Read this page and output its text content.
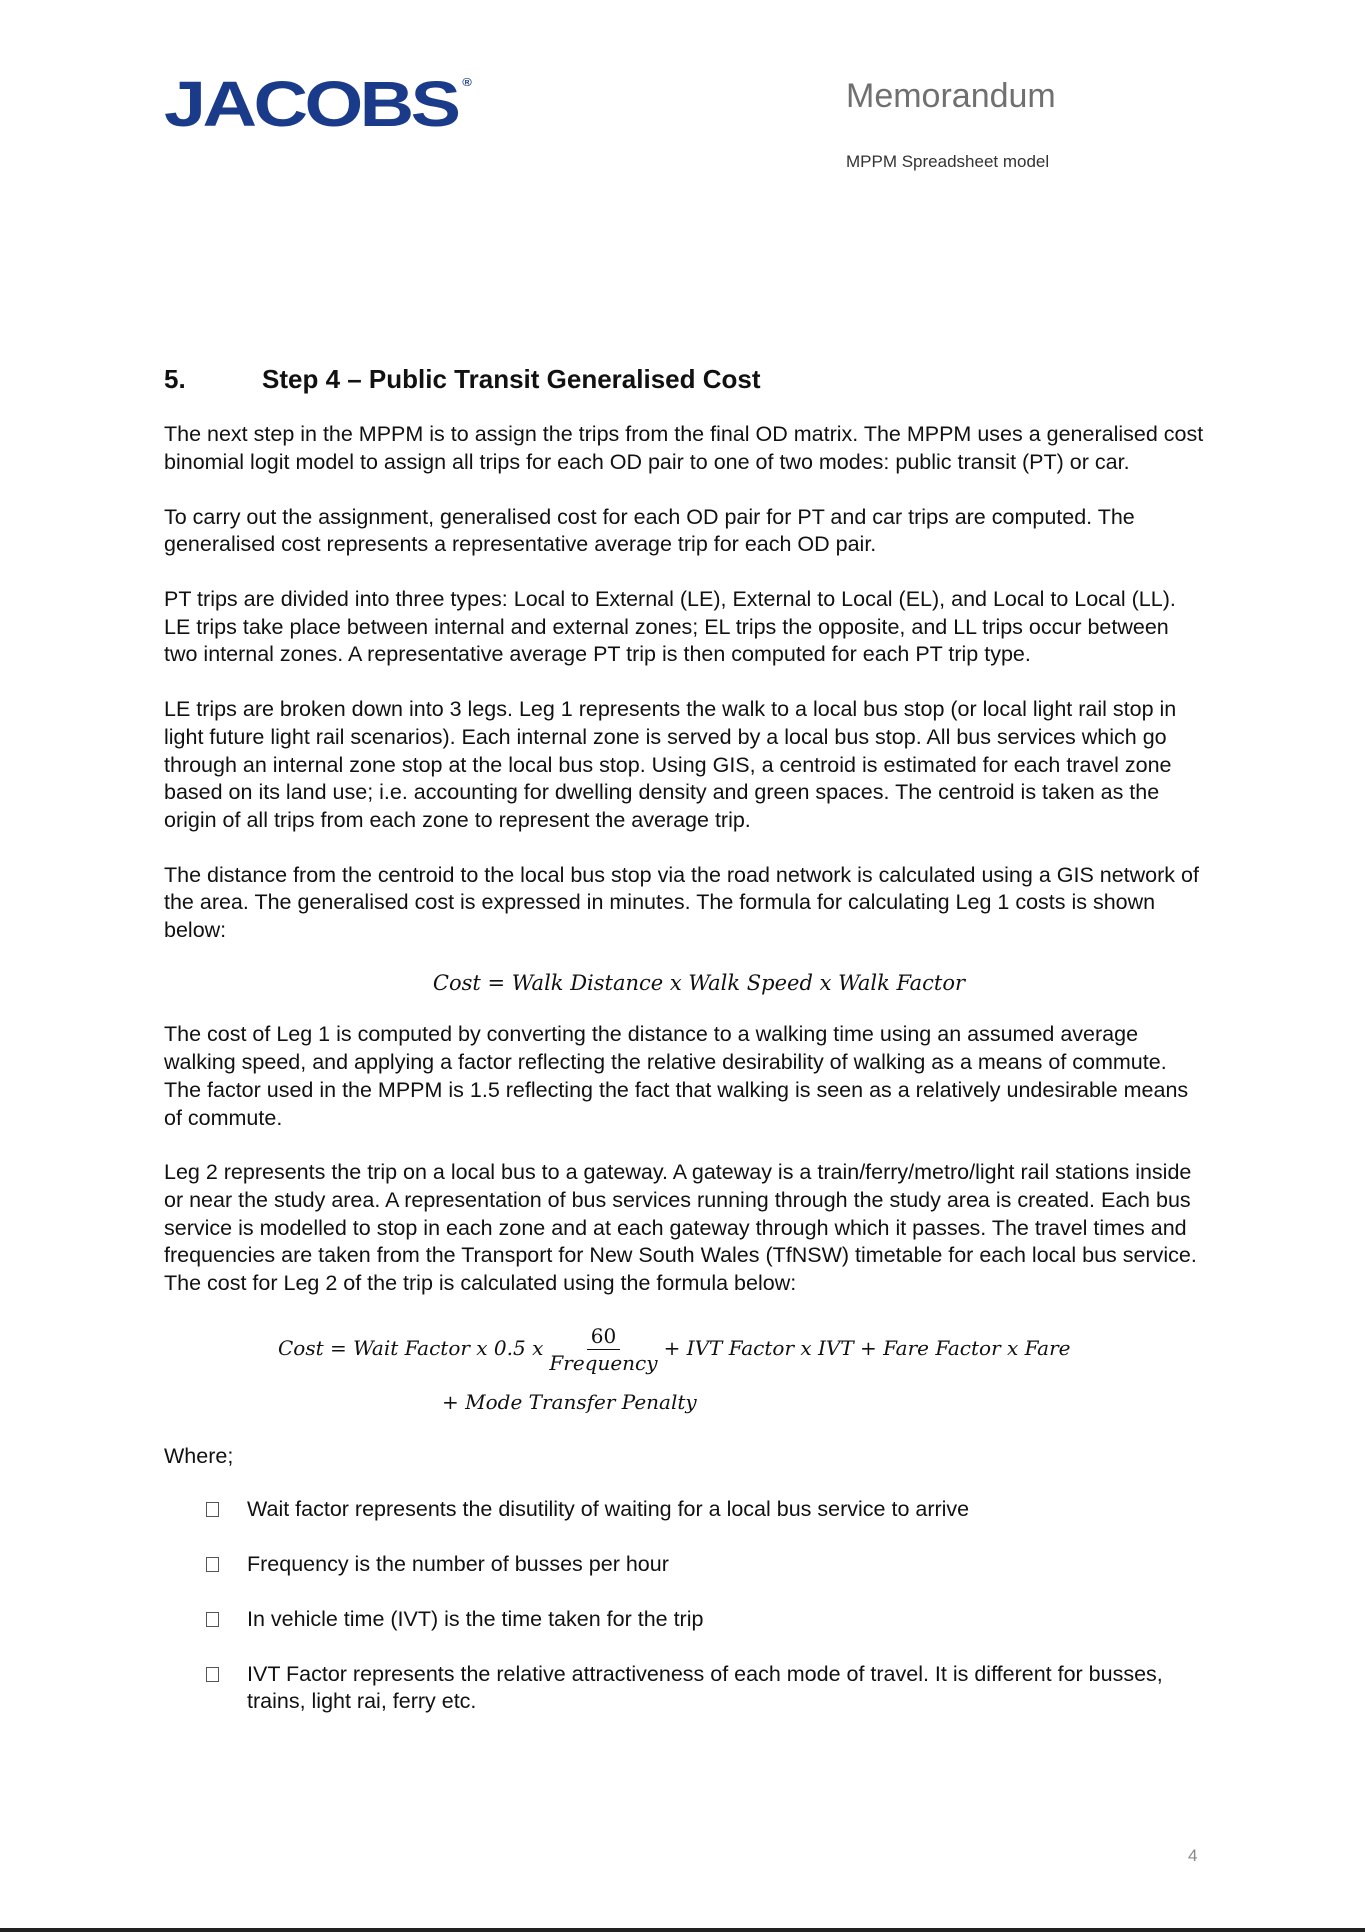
JACOBS ®	Memorandum
MPPM Spreadsheet model
5.	Step 4 – Public Transit Generalised Cost

The next step in the MPPM is to assign the trips from the final OD matrix. The MPPM uses a generalised cost binomial logit model to assign all trips for each OD pair to one of two modes: public transit (PT) or car.

To carry out the assignment, generalised cost for each OD pair for PT and car trips are computed. The generalised cost represents a representative average trip for each OD pair.

PT trips are divided into three types: Local to External (LE), External to Local (EL), and Local to Local (LL). LE trips take place between internal and external zones; EL trips the opposite, and LL trips occur between two internal zones. A representative average PT trip is then computed for each PT trip type.

LE trips are broken down into 3 legs. Leg 1 represents the walk to a local bus stop (or local light rail stop in light future light rail scenarios). Each internal zone is served by a local bus stop. All bus services which go through an internal zone stop at the local bus stop. Using GIS, a centroid is estimated for each travel zone based on its land use; i.e. accounting for dwelling density and green spaces. The centroid is taken as the origin of all trips from each zone to represent the average trip.

The distance from the centroid to the local bus stop via the road network is calculated using a GIS network of the area. The generalised cost is expressed in minutes. The formula for calculating Leg 1 costs is shown below:

Cost = Walk Distance x Walk Speed x Walk Factor

The cost of Leg 1 is computed by converting the distance to a walking time using an assumed average walking speed, and applying a factor reflecting the relative desirability of walking as a means of commute. The factor used in the MPPM is 1.5 reflecting the fact that walking is seen as a relatively undesirable means of commute.

Leg 2 represents the trip on a local bus to a gateway. A gateway is a train/ferry/metro/light rail stations inside or near the study area. A representation of bus services running through the study area is created. Each bus service is modelled to stop in each zone and at each gateway through which it passes. The travel times and frequencies are taken from the Transport for New South Wales (TfNSW) timetable for each local bus service. The cost for Leg 2 of the trip is calculated using the formula below:

Cost = Wait Factor x 0.5 x $\frac{60}{\text{Frequency}}$ + IVT Factor x IVT + Fare Factor x Fare
+ Mode Transfer Penalty

Where;

Wait factor represents the disutility of waiting for a local bus service to arrive
Frequency is the number of busses per hour
In vehicle time (IVT) is the time taken for the trip
IVT Factor represents the relative attractiveness of each mode of travel. It is different for busses, trains, light rai, ferry etc.
4
